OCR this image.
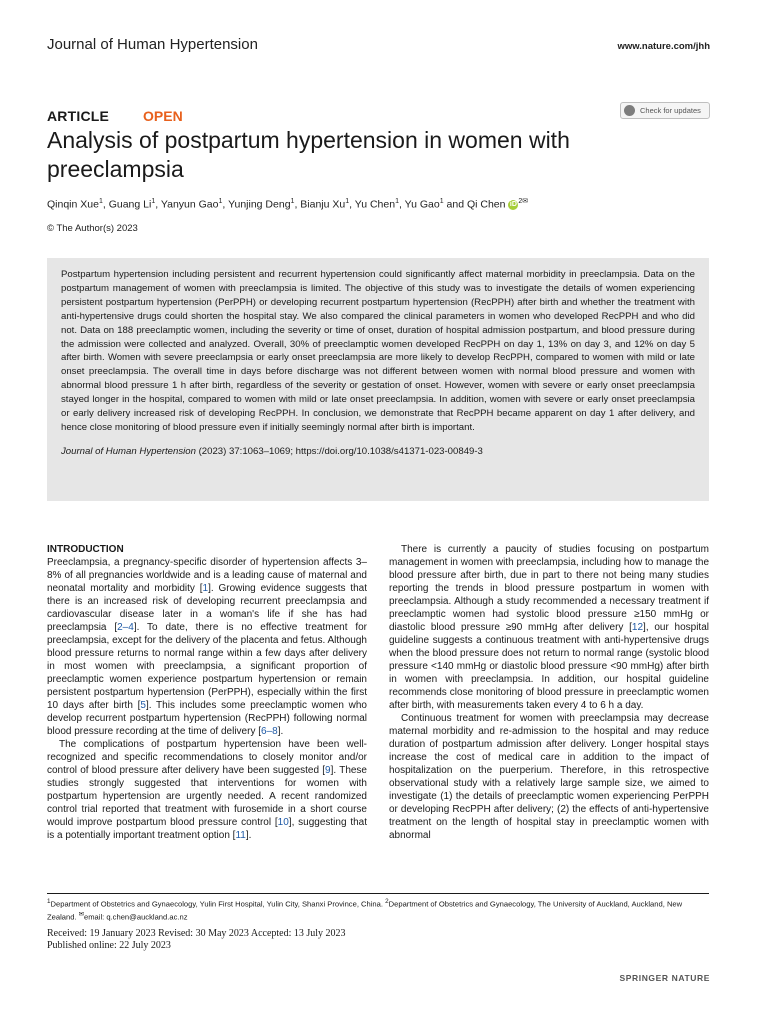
Journal of Human Hypertension	www.nature.com/jhh
ARTICLE OPEN	Check for updates
Analysis of postpartum hypertension in women with preeclampsia
Qinqin Xue$^1$, Guang Li$^1$, Yanyun Gao$^1$, Yunjing Deng$^1$, Bianju Xu$^1$, Yu Chen$^1$, Yu Gao$^1$ and Qi Chen iD $^{2✉}$
© The Author(s) 2023

Postpartum hypertension including persistent and recurrent hypertension could significantly affect maternal morbidity in preeclampsia. Data on the postpartum management of women with preeclampsia is limited. The objective of this study was to investigate the details of women experiencing persistent postpartum hypertension (PerPPH) or developing recurrent postpartum hypertension (RecPPH) after birth and whether the treatment with anti-hypertensive drugs could shorten the hospital stay. We also compared the clinical parameters in women who developed RecPPH and who did not. Data on 188 preeclamptic women, including the severity or time of onset, duration of hospital admission postpartum, and blood pressure during the admission were collected and analyzed. Overall, 30% of preeclamptic women developed RecPPH on day 1, 13% on day 3, and 12% on day 5 after birth. Women with severe preeclampsia or early onset preeclampsia are more likely to develop RecPPH, compared to women with mild or late onset preeclampsia. The overall time in days before discharge was not different between women with normal blood pressure and women with abnormal blood pressure 1 h after birth, regardless of the severity or gestation of onset. However, women with severe or early onset preeclampsia stayed longer in the hospital, compared to women with mild or late onset preeclampsia. In addition, women with severe or early onset preeclampsia or early delivery increased risk of developing RecPPH. In conclusion, we demonstrate that RecPPH became apparent on day 1 after delivery, and hence close monitoring of blood pressure even if initially seemingly normal after birth is important.

Journal of Human Hypertension (2023) 37:1063–1069; https://doi.org/10.1038/s41371-023-00849-3
INTRODUCTION

Preeclampsia, a pregnancy-specific disorder of hypertension affects 3–8% of all pregnancies worldwide and is a leading cause of maternal and neonatal mortality and morbidity [1]. Growing evidence suggests that there is an increased risk of developing recurrent preeclampsia and cardiovascular disease later in a woman's life if she has had preeclampsia [2–4]. To date, there is no effective treatment for preeclampsia, except for the delivery of the placenta and fetus. Although blood pressure returns to normal range within a few days after delivery in most women with preeclampsia, a significant proportion of preeclamptic women experience postpartum hypertension or remain persistent postpartum hypertension (PerPPH), especially within the first 10 days after birth [5]. This includes some preeclamptic women who develop recurrent postpartum hypertension (RecPPH) following normal blood pressure recording at the time of delivery [6–8].

The complications of postpartum hypertension have been well-recognized and specific recommendations to closely monitor and/or control of blood pressure after delivery have been suggested [9]. These studies strongly suggested that interventions for women with postpartum hypertension are urgently needed. A recent randomized control trial reported that treatment with furosemide in a short course would improve postpartum blood pressure control [10], suggesting that is a potentially important treatment option [11].

There is currently a paucity of studies focusing on postpartum management in women with preeclampsia, including how to manage the blood pressure after birth, due in part to there not being many studies reporting the trends in blood pressure postpartum in women with preeclampsia. Although a study recommended a necessary treatment if preeclamptic women had systolic blood pressure ≥150 mmHg or diastolic blood pressure ≥90 mmHg after delivery [12], our hospital guideline suggests a continuous treatment with anti-hypertensive drugs when the blood pressure does not return to normal range (systolic blood pressure <140 mmHg or diastolic blood pressure <90 mmHg) after birth in women with preeclampsia. In addition, our hospital guideline recommends close monitoring of blood pressure in preeclamptic women after birth, with measurements taken every 4 to 6 h a day.

Continuous treatment for women with preeclampsia may decrease maternal morbidity and re-admission to the hospital and may reduce duration of postpartum admission after delivery. Longer hospital stays increase the cost of medical care in addition to the impact of hospitalization on the puerperium. Therefore, in this retrospective observational study with a relatively large sample size, we aimed to investigate (1) the details of preeclamptic women experiencing PerPPH or developing RecPPH after delivery; (2) the effects of anti-hypertensive treatment on the length of hospital stay in preeclamptic women with abnormal

$^1$Department of Obstetrics and Gynaecology, Yulin First Hospital, Yulin City, Shanxi Province, China. $^2$Department of Obstetrics and Gynaecology, The University of Auckland, Auckland, New Zealand. ✉email: q.chen@auckland.ac.nz
Received: 19 January 2023 Revised: 30 May 2023 Accepted: 13 July 2023
Published online: 22 July 2023
SPRINGER NATURE
